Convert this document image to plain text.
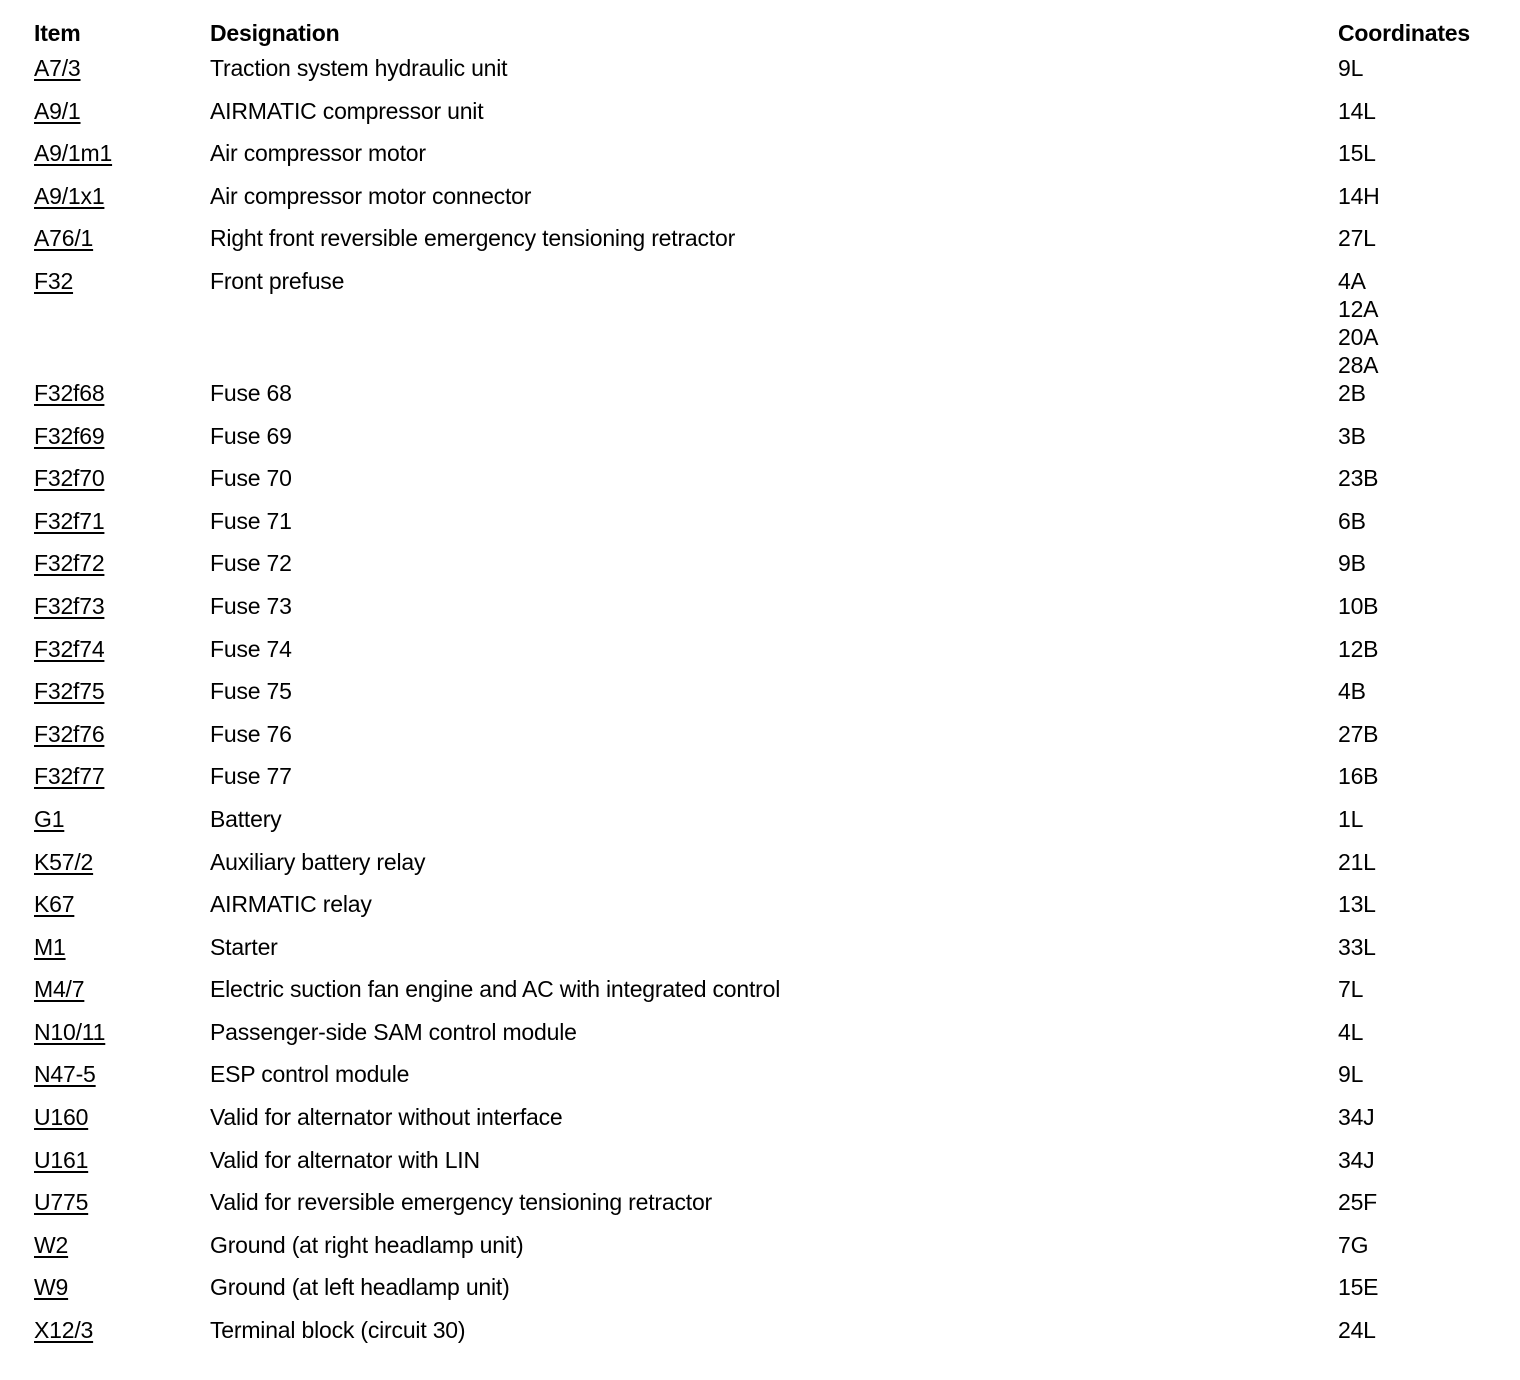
Item	Designation	Coordinates
A7/3	Traction system hydraulic unit	9L

A9/1	AIRMATIC compressor unit	14L

A9/1m1	Air compressor motor	15L

A9/1x1	Air compressor motor connector	14H

A76/1	Right front reversible emergency tensioning retractor	27L

F32	Front prefuse	4A
12A
20A
28A

F32f68	Fuse 68	2B

F32f69	Fuse 69	3B

F32f70	Fuse 70	23B

F32f71	Fuse 71	6B

F32f72	Fuse 72	9B

F32f73	Fuse 73	10B

F32f74	Fuse 74	12B

F32f75	Fuse 75	4B

F32f76	Fuse 76	27B

F32f77	Fuse 77	16B

G1	Battery	1L

K57/2	Auxiliary battery relay	21L

K67	AIRMATIC relay	13L

M1	Starter	33L

M4/7	Electric suction fan engine and AC with integrated control	7L

N10/11	Passenger-side SAM control module	4L

N47-5	ESP control module	9L

U160	Valid for alternator without interface	34J

U161	Valid for alternator with LIN	34J

U775	Valid for reversible emergency tensioning retractor	25F

W2	Ground (at right headlamp unit)	7G

W9	Ground (at left headlamp unit)	15E

X12/3	Terminal block (circuit 30)	24L
